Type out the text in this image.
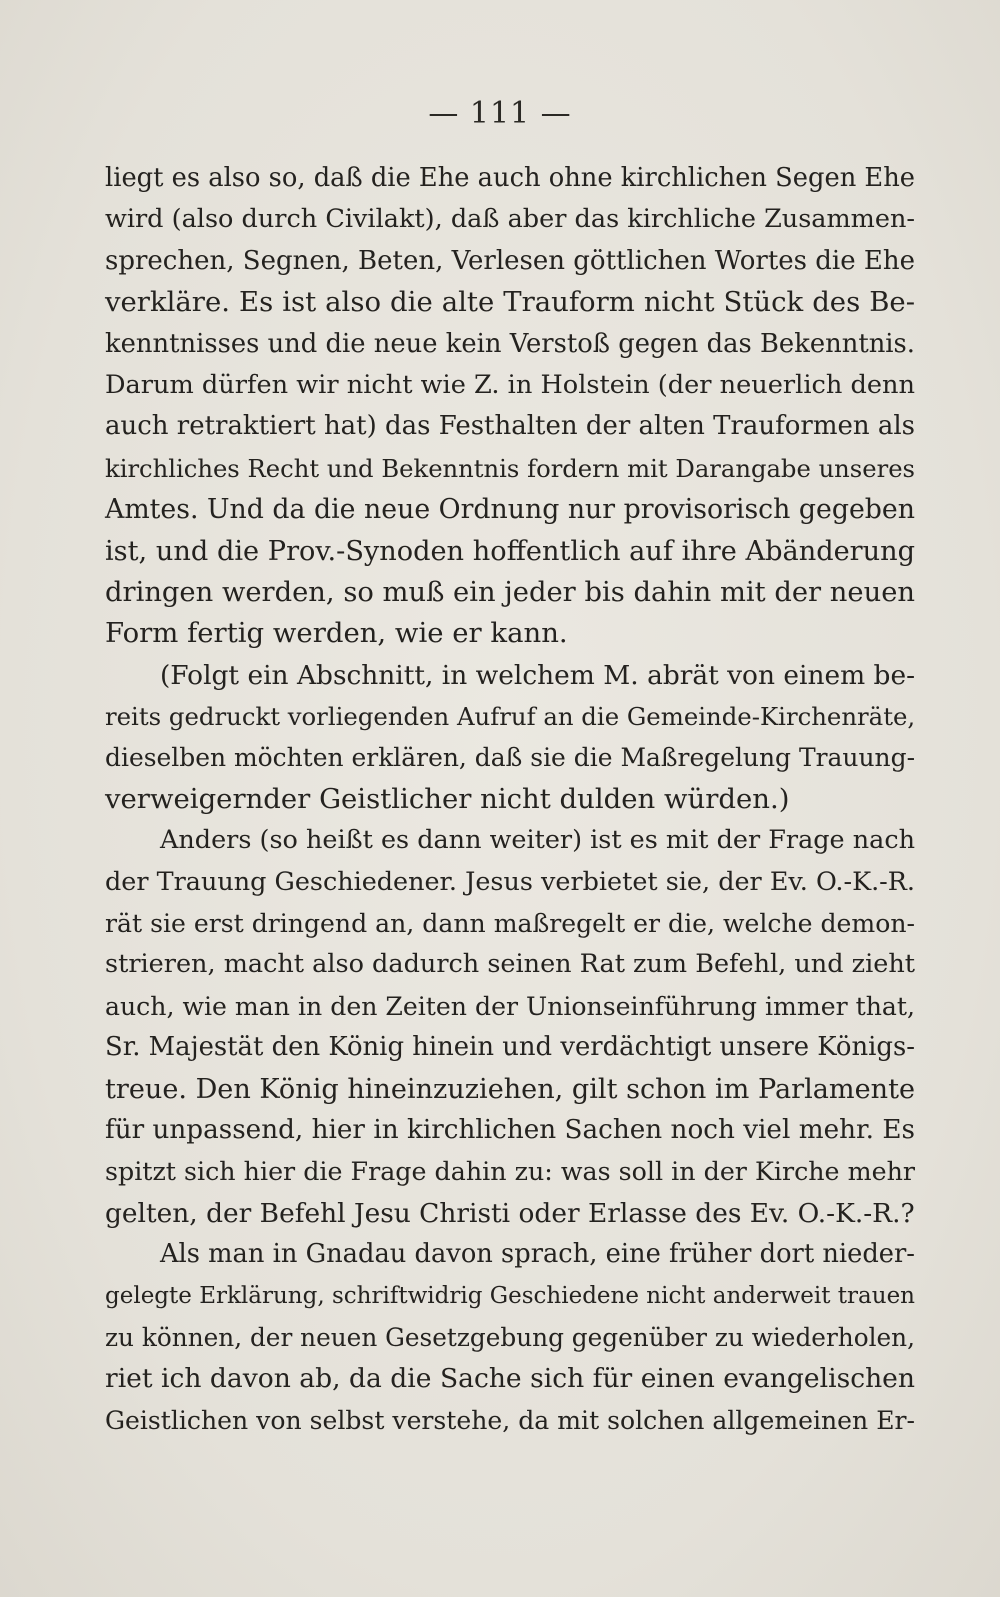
— 111 —
liegt es also so, daß die Ehe auch ohne kirchlichen Segen Ehe
wird (also durch Civilakt), daß aber das kirchliche Zusammen-
sprechen, Segnen, Beten, Verlesen göttlichen Wortes die Ehe
verkläre. Es ist also die alte Trauform nicht Stück des Be-
kenntnisses und die neue kein Verstoß gegen das Bekenntnis.
Darum dürfen wir nicht wie Z. in Holstein (der neuerlich denn
auch retraktiert hat) das Festhalten der alten Trauformen als
kirchliches Recht und Bekenntnis fordern mit Darangabe unseres
Amtes. Und da die neue Ordnung nur provisorisch gegeben
ist, und die Prov.-Synoden hoffentlich auf ihre Abänderung
dringen werden, so muß ein jeder bis dahin mit der neuen
Form fertig werden, wie er kann.
(Folgt ein Abschnitt, in welchem M. abrät von einem be-
reits gedruckt vorliegenden Aufruf an die Gemeinde-Kirchenräte,
dieselben möchten erklären, daß sie die Maßregelung Trauung-
verweigernder Geistlicher nicht dulden würden.)
Anders (so heißt es dann weiter) ist es mit der Frage nach
der Trauung Geschiedener. Jesus verbietet sie, der Ev. O.-K.-R.
rät sie erst dringend an, dann maßregelt er die, welche demon-
strieren, macht also dadurch seinen Rat zum Befehl, und zieht
auch, wie man in den Zeiten der Unionseinführung immer that,
Sr. Majestät den König hinein und verdächtigt unsere Königs-
treue. Den König hineinzuziehen, gilt schon im Parlamente
für unpassend, hier in kirchlichen Sachen noch viel mehr. Es
spitzt sich hier die Frage dahin zu: was soll in der Kirche mehr
gelten, der Befehl Jesu Christi oder Erlasse des Ev. O.-K.-R.?
Als man in Gnadau davon sprach, eine früher dort nieder-
gelegte Erklärung, schriftwidrig Geschiedene nicht anderweit trauen
zu können, der neuen Gesetzgebung gegenüber zu wiederholen,
riet ich davon ab, da die Sache sich für einen evangelischen
Geistlichen von selbst verstehe, da mit solchen allgemeinen Er-
